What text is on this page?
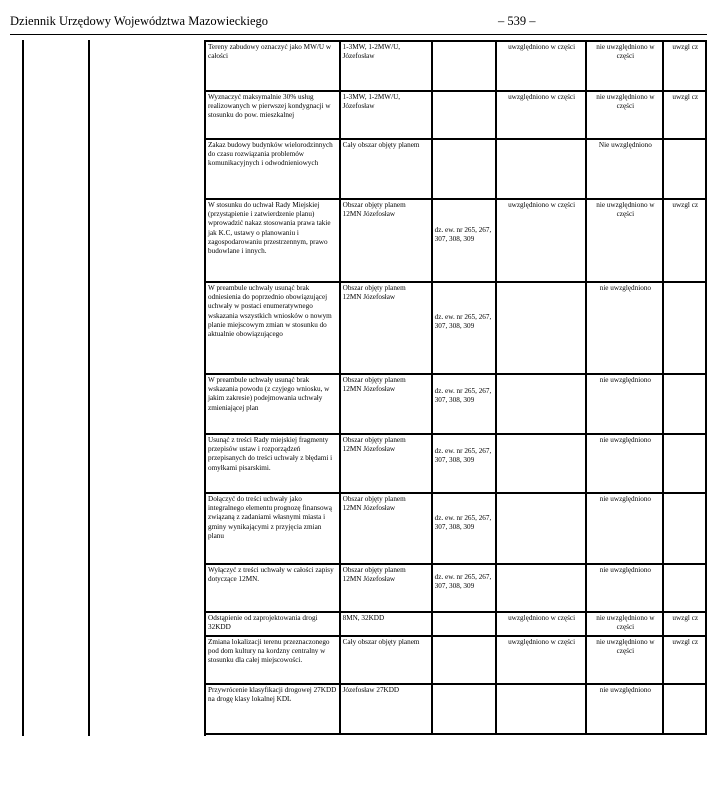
Dziennik Urzędowy Województwa Mazowieckiego	– 539 –
Tereny zabudowy oznaczyć jako MW/U w całości	1-3MW, 1-2MW/U, Józefosław		uwzględniono w części	nie uwzględniono w części	uwzgl cz
Wyznaczyć maksymalnie 30% usług realizowanych w pierwszej kondygnacji w stosunku do pow. mieszkalnej	1-3MW, 1-2MW/U, Józefosław		uwzględniono w części	nie uwzględniono w części	uwzgl cz
Zakaz budowy budynków wielorodzinnych do czasu rozwiązania problemów komunikacyjnych i odwodnieniowych	Cały obszar objęty planem			Nie uwzględniono	
W stosunku do uchwał Rady Miejskiej (przystąpienie i zatwierdzenie planu) wprowadzić nakaz stosowania prawa takie jak K.C, ustawy o planowaniu i zagospodarowaniu przestrzennym, prawo budowlane i innych.	Obszar objęty planem 12MN Józefosław	dz. ew. nr 265, 267, 307, 308, 309	uwzględniono w części	nie uwzględniono w części	uwzgl cz
W preambule uchwały usunąć brak odniesienia do poprzednio obowiązującej uchwały w postaci enumeratywnego wskazania wszystkich wniosków o nowym planie miejscowym zmian w stosunku do aktualnie obowiązującego	Obszar objęty planem 12MN Józefosław	dz. ew. nr 265, 267, 307, 308, 309		nie uwzględniono	
W preambule uchwały usunąć brak wskazania powodu (z czyjego wniosku, w jakim zakresie) podejmowania uchwały zmieniającej plan	Obszar objęty planem 12MN Józefosław	dz. ew. nr 265, 267, 307, 308, 309		nie uwzględniono	
Usunąć z treści Rady miejskiej fragmenty przepisów ustaw i rozporządzeń przepisanych do treści uchwały z błędami i omyłkami pisarskimi.	Obszar objęty planem 12MN Józefosław	dz. ew. nr 265, 267, 307, 308, 309		nie uwzględniono	
Dołączyć do treści uchwały jako integralnego elementu prognozę finansową związaną z zadaniami własnymi miasta i gminy wynikającymi z przyjęcia zmian planu	Obszar objęty planem 12MN Józefosław	dz. ew. nr 265, 267, 307, 308, 309		nie uwzględniono	
Wyłączyć z treści uchwały w całości zapisy dotyczące 12MN.	Obszar objęty planem 12MN Józefosław	dz. ew. nr 265, 267, 307, 308, 309		nie uwzględniono	
Odstąpienie od zaprojektowania drogi 32KDD	8MN, 32KDD		uwzględniono w części	nie uwzględniono w części	uwzgl cz
Zmiana lokalizacji terenu przeznaczonego pod dom kultury na kordzny centralny w stosunku dla całej miejscowości.	Cały obszar objęty planem		uwzględniono w części	nie uwzględniono w części	uwzgl cz
Przywrócenie klasyfikacji drogowej 27KDD na drogę klasy lokalnej KDL	Józefosław 27KDD			nie uwzględniono	
